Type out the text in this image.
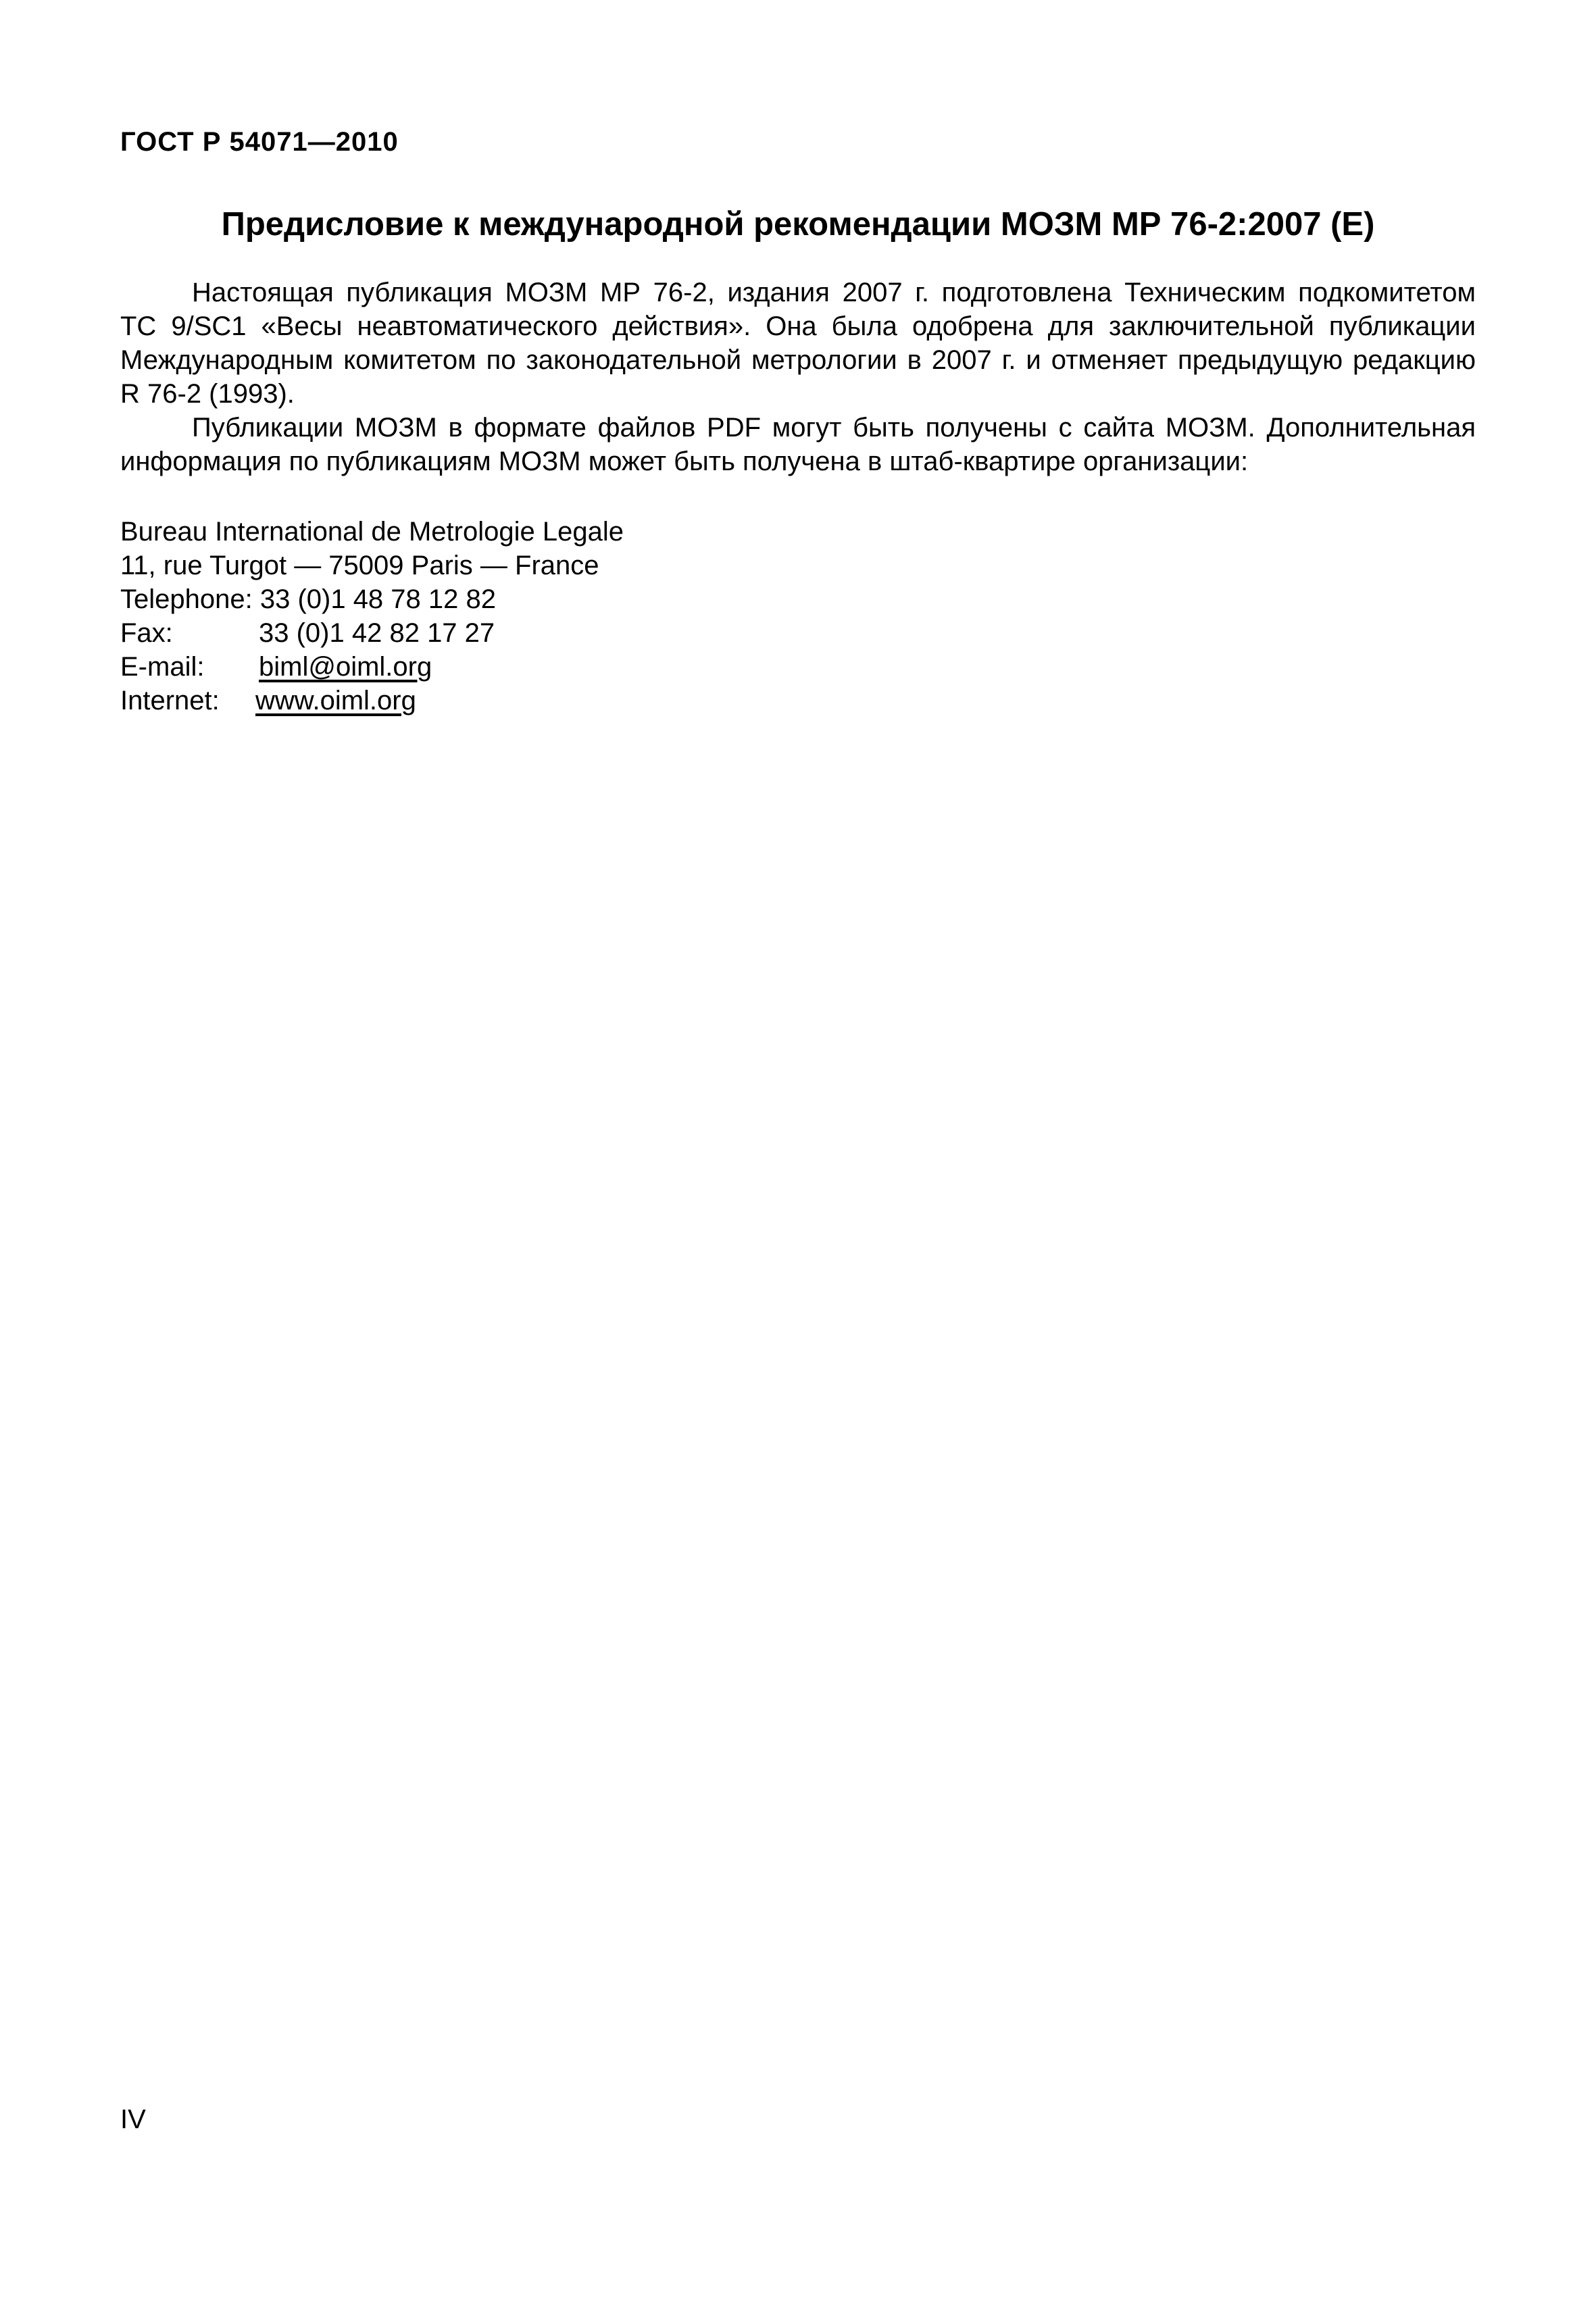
ГОСТ Р 54071—2010
Предисловие к международной рекомендации МОЗМ МР 76-2:2007 (E)

Настоящая публикация МОЗМ МР 76-2, издания 2007 г. подготовлена Техническим подкомитетом
ТС 9/SC1 «Весы неавтоматического действия». Она была одобрена для заключительной публикации
Международным комитетом по законодательной метрологии в 2007 г. и отменяет предыдущую редакцию
R 76-2 (1993).

Публикации МОЗМ в формате файлов PDF могут быть получены с сайта МОЗМ. Дополнительная
информация по публикациям МОЗМ может быть получена в штаб-квартире организации:

Bureau International de Metrologie Legale
11, rue Turgot — 75009 Paris — France
Telephone: 33 (0)1 48 78 12 82
Fax:	33 (0)1 42 82 17 27
E-mail:	biml@oiml.org
Internet:	www.oiml.org
IV
